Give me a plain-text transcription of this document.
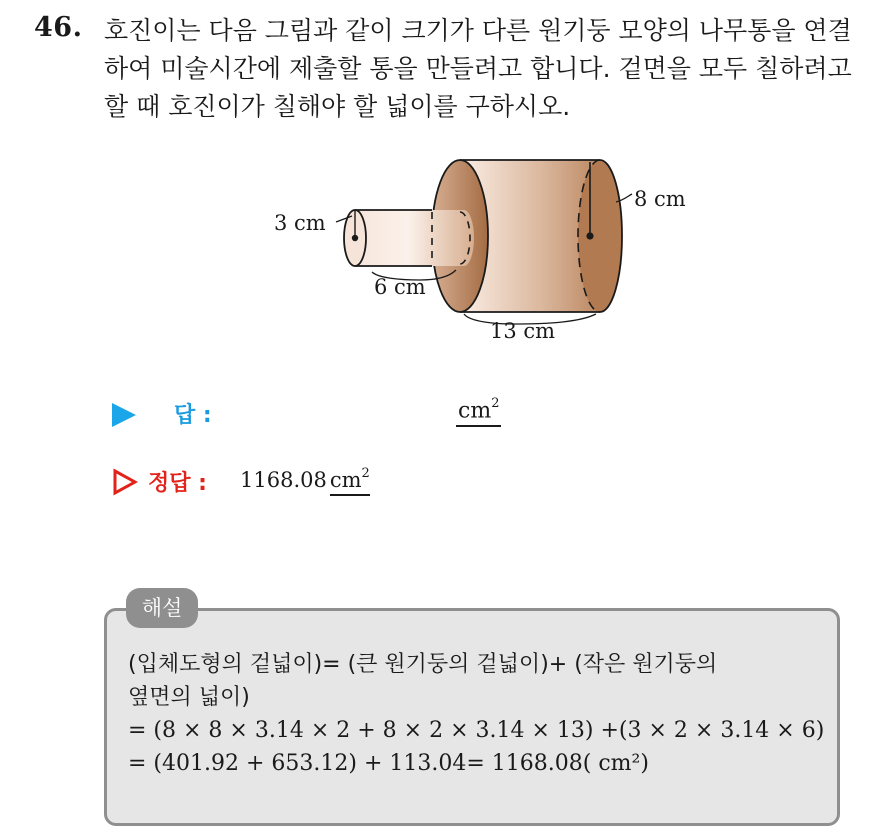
46. 호진이는 다음 그림과 같이 크기가 다른 원기둥 모양의 나무통을 연결
하여 미술시간에 제출할 통을 만들려고 합니다. 겉면을 모두 칠하려고
할 때 호진이가 칠해야 할 넓이를 구하시오.
3 cm
6 cm
8 cm
13 cm
답 :	$cm^2$
정답 : 1168.08 $cm^2$
해설
(입체도형의 겉넓이)= (큰 원기둥의 겉넓이)+ (작은 원기둥의
옆면의 넓이)
= (8 × 8 × 3.14 × 2 + 8 × 2 × 3.14 × 13) +(3 × 2 × 3.14 × 6)
= (401.92 + 653.12) + 113.04= 1168.08( cm²)
